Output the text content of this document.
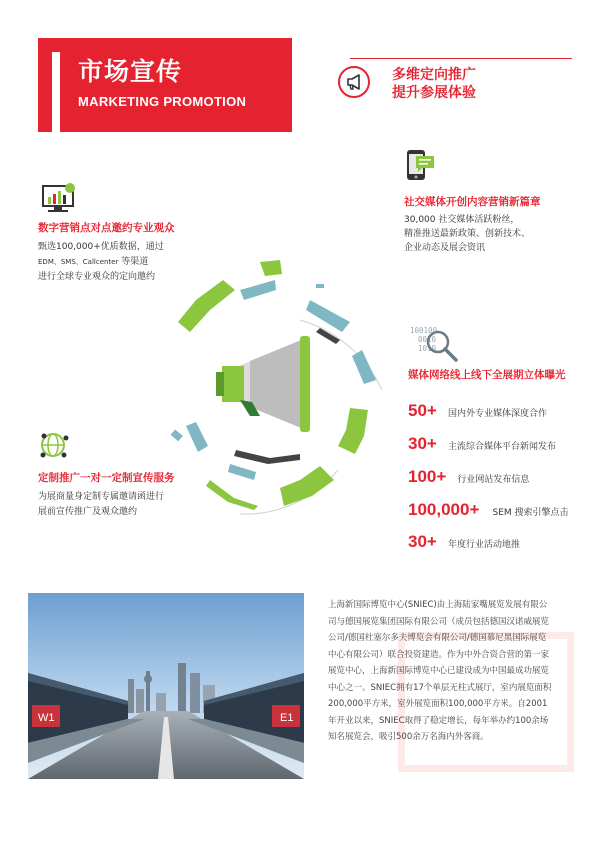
市场宣传
MARKETING PROMOTION
多维定向推广
提升参展体验
数字营销点对点邀约专业观众
甄选100,000+优质数据，通过
EDM、SMS、Callcenter 等渠道
进行全球专业观众的定向邀约
社交媒体开创内容营销新篇章
30,000 社交媒体活跃粉丝，
精准推送最新政策、创新技术、
企业动态及展会资讯
100100
0010
1010
媒体网络线上线下全展期立体曝光
50+ 国内外专业媒体深度合作
30+ 主流综合媒体平台新闻发布
100+ 行业网站发布信息
100,000+ SEM 搜索引擎点击
30+ 年度行业活动地推
定制推广一对一定制宣传服务
为展商量身定制专属邀请函进行
展前宣传推广及观众邀约
W1	E1
上海新国际博览中心(SNIEC)由上海陆家嘴展览发展有限公司与德国展览集团国际有限公司（成员包括德国汉诺威展览公司/德国杜塞尔多夫博览会有限公司/德国慕尼黑国际展览中心有限公司）联合投资建造。作为中外合资合营的第一家展览中心，上海新国际博览中心已建设成为中国最成功展览中心之一。SNIEC拥有17个单层无柱式展厅，室内展览面积200,000平方米，室外展览面积100,000平方米。自2001年开业以来，SNIEC取得了稳定增长，每年举办约100余场知名展览会，吸引500余万名海内外客商。
